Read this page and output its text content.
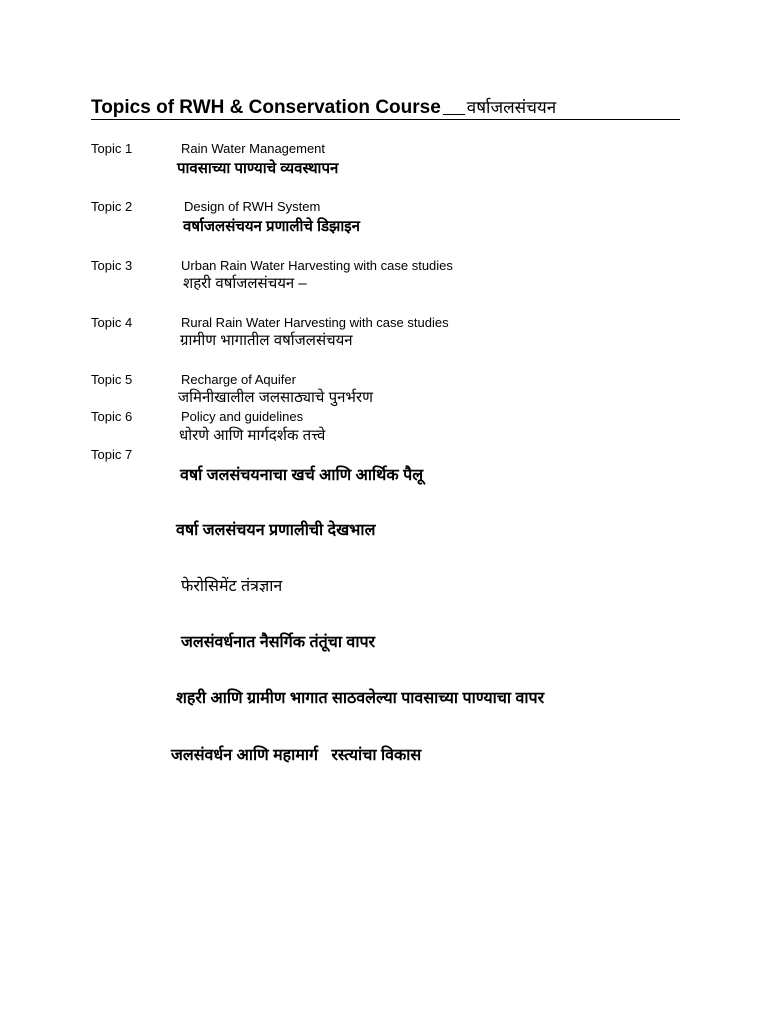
Topics of RWH & Conservation Course वर्षाजलसंचयन
Topic 1	Rain Water Management
पावसाच्या पाण्याचे व्यवस्थापन
Topic 2	Design of RWH System
वर्षाजलसंचयन प्रणालीचे डिझाइन
Topic 3	Urban Rain Water Harvesting with case studies
शहरी वर्षाजलसंचयन –
Topic 4	Rural Rain Water Harvesting with case studies
ग्रामीण भागातील वर्षाजलसंचयन
Topic 5	Recharge of Aquifer
जमिनीखालील जलसाठ्याचे पुनर्भरण
Topic 6	Policy and guidelines
धोरणे आणि मार्गदर्शक तत्त्वे
Topic 7
वर्षा जलसंचयनाचा खर्च आणि आर्थिक पैलू
वर्षा जलसंचयन प्रणालीची देखभाल
फेरोसिमेंट तंत्रज्ञान
जलसंवर्धनात नैसर्गिक तंतूंचा वापर
शहरी आणि ग्रामीण भागात साठवलेल्या पावसाच्या पाण्याचा वापर
जलसंवर्धन आणि महामार्ग   रस्त्यांचा विकास
